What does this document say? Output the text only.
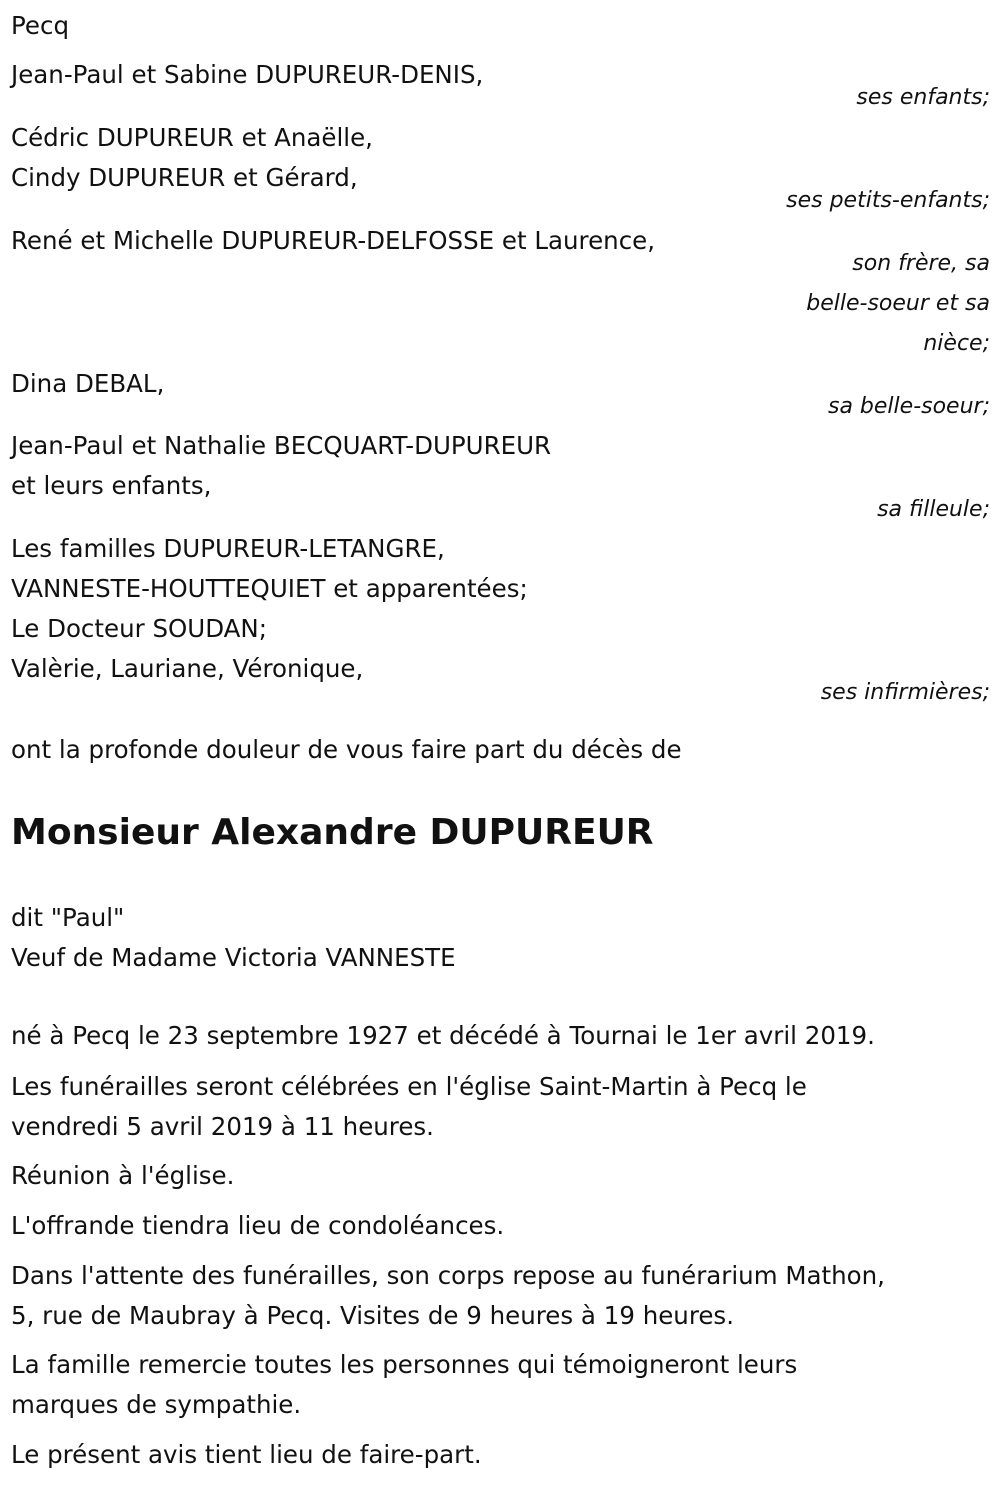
Pecq

Jean-Paul et Sabine DUPUREUR-DENIS,

ses enfants;

Cédric DUPUREUR et Anaëlle,

Cindy DUPUREUR et Gérard,

ses petits-enfants;

René et Michelle DUPUREUR-DELFOSSE et Laurence,

son frère, sa

belle-soeur et sa

nièce;

Dina DEBAL,

sa belle-soeur;

Jean-Paul et Nathalie BECQUART-DUPUREUR

et leurs enfants,

sa filleule;

Les familles DUPUREUR-LETANGRE,

VANNESTE-HOUTTEQUIET et apparentées;

Le Docteur SOUDAN;

Valèrie, Lauriane, Véronique,

ses infirmières;

ont la profonde douleur de vous faire part du décès de

Monsieur Alexandre DUPUREUR

dit "Paul"

Veuf de Madame Victoria VANNESTE

né à Pecq le 23 septembre 1927 et décédé à Tournai le 1er avril 2019.

Les funérailles seront célébrées en l'église Saint-Martin à Pecq le

vendredi 5 avril 2019 à 11 heures.

Réunion à l'église.

L'offrande tiendra lieu de condoléances.

Dans l'attente des funérailles, son corps repose au funérarium Mathon,

5, rue de Maubray à Pecq. Visites de 9 heures à 19 heures.

La famille remercie toutes les personnes qui témoigneront leurs

marques de sympathie.

Le présent avis tient lieu de faire-part.
